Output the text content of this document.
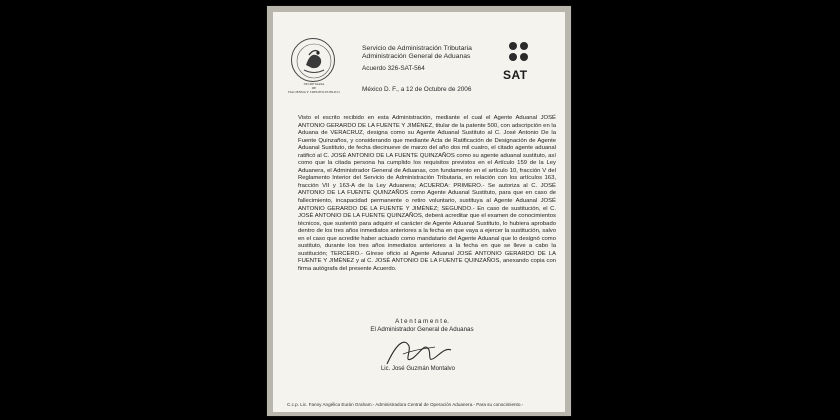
SECRETARIA
DE
HACIENDA Y CREDITO PUBLICO
Servicio de Administración Tributaria
Administración General de Aduanas
Acuerdo 326-SAT-564
México D. F., a 12 de Octubre de 2006
SAT
Visto el escrito recibido en esta Administración, mediante el cual el Agente Aduanal JOSÉ ANTONIO GERARDO DE LA FUENTE Y JIMÉNEZ, titular de la patente 500, con adscripción en la Aduana de VERACRUZ, designa como su Agente Aduanal Sustituto al C. José Antonio De la Fuente Quinzaños, y considerando que mediante Acta de Ratificación de Designación de Agente Aduanal Sustituto, de fecha diecinueve de marzo del año dos mil cuatro, el citado agente aduanal ratificó al C. JOSÉ ANTONIO DE LA FUENTE QUINZAÑOS como su agente aduanal sustituto, así como que la citada persona ha cumplido los requisitos previstos en el Artículo 159 de la Ley Aduanera, el Administrador General de Aduanas, con fundamento en el artículo 10, fracción V del Reglamento Interior del Servicio de Administración Tributaria, en relación con los artículos 163, fracción VII y 163-A de la Ley Aduanera; ACUERDA: PRIMERO.- Se autoriza al C. JOSÉ ANTONIO DE LA FUENTE QUINZAÑOS como Agente Aduanal Sustituto, para que en caso de fallecimiento, incapacidad permanente o retiro voluntario, sustituya al Agente Aduanal JOSÉ ANTONIO GERARDO DE LA FUENTE Y JIMÉNEZ; SEGUNDO.- En caso de sustitución, el C. JOSÉ ANTONIO DE LA FUENTE QUINZAÑOS, deberá acreditar que el examen de conocimientos técnicos, que sustentó para adquirir el carácter de Agente Aduanal Sustituto, lo hubiera aprobado dentro de los tres años inmediatos anteriores a la fecha en que vaya a ejercer la sustitución, salvo en el caso que acredite haber actuado como mandatario del Agente Aduanal que lo designó como sustituto, durante los tres años inmediatos anteriores a la fecha en que se lleve a cabo la sustitución; TERCERO.- Gírese oficio al Agente Aduanal JOSÉ ANTONIO GERARDO DE LA FUENTE Y JIMÉNEZ y al C. JOSÉ ANTONIO DE LA FUENTE QUINZAÑOS, anexando copia con firma autógrafa del presente Acuerdo.
A t e n t a m e n t e.
El Administrador General de Aduanas
Lic. José Guzmán Montalvo
C.c.p. Lic. Fanny Angélica Eurán Graham.- Administradora Central de Operación Aduanera.- Para su conocimiento.-
